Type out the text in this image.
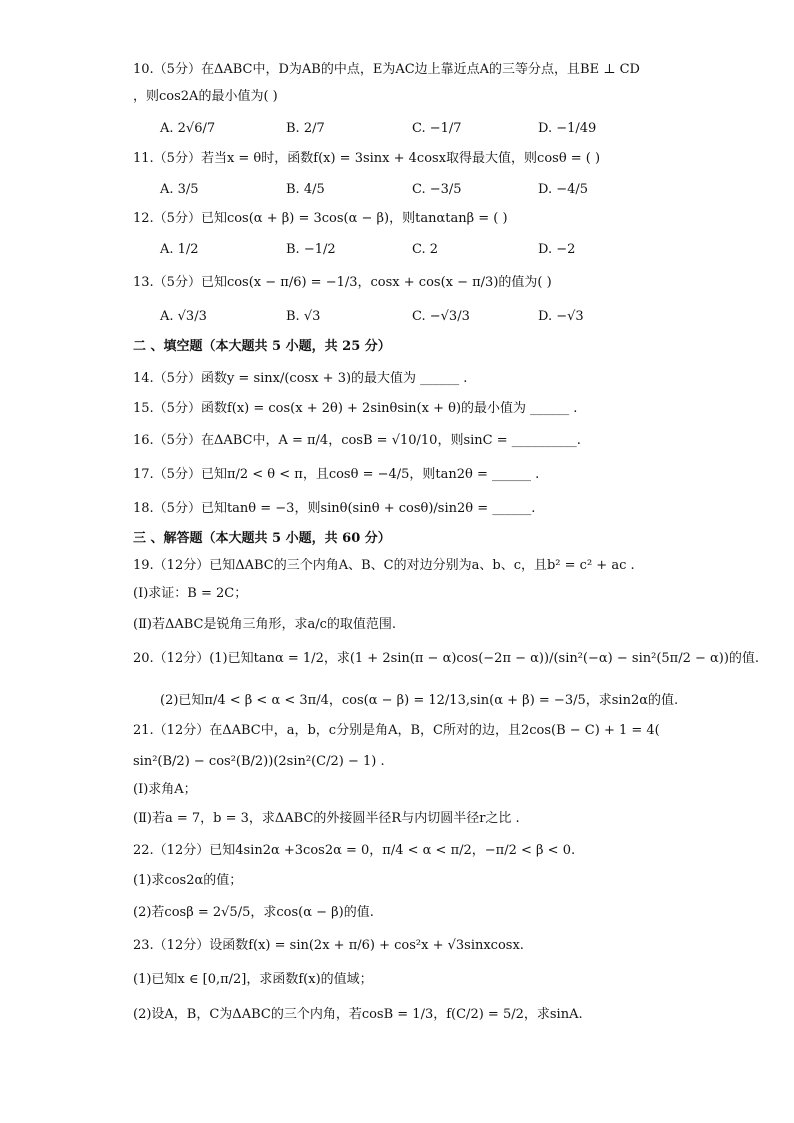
10.（5分）在ΔABC中，D为AB的中点，E为AC边上靠近点A的三等分点，且BE ⊥ CD
，则cos2A的最小值为( )
A. 2√6/7	B. 2/7	C. −1/7	D. −1/49
11.（5分）若当x = θ时，函数f(x) = 3sinx + 4cosx取得最大值，则cosθ = ( )
A. 3/5	B. 4/5	C. −3/5	D. −4/5
12.（5分）已知cos(α + β) = 3cos(α − β)，则tanαtanβ = ( )
A. 1/2	B. −1/2	C. 2	D. −2
13.（5分）已知cos(x − π/6) = −1/3，cosx + cos(x − π/3)的值为( )
A. √3/3	B. √3	C. −√3/3	D. −√3
二 、填空题（本大题共 5 小题，共 25 分）
14.（5分）函数y = sinx/(cosx + 3)的最大值为 ______ .
15.（5分）函数f(x) = cos(x + 2θ) + 2sinθsin(x + θ)的最小值为 ______ .
16.（5分）在ΔABC中，A = π/4，cosB = √10/10，则sinC = __________.
17.（5分）已知π/2 < θ < π，且cosθ = −4/5，则tan2θ = ______ .
18.（5分）已知tanθ = −3，则sinθ(sinθ + cosθ)/sin2θ = ______.
三 、解答题（本大题共 5 小题，共 60 分）
19.（12分）已知ΔABC的三个内角A、B、C的对边分别为a、b、c，且b² = c² + ac .
(Ⅰ)求证：B = 2C；
(Ⅱ)若ΔABC是锐角三角形，求a/c的取值范围.
20.（12分）(1)已知tanα = 1/2，求(1 + 2sin(π − α)cos(−2π − α))/(sin²(−α) − sin²(5π/2 − α))的值.
(2)已知π/4 < β < α < 3π/4，cos(α − β) = 12/13,sin(α + β) = −3/5，求sin2α的值.
21.（12分）在ΔABC中，a，b，c分别是角A，B，C所对的边，且2cos(B − C) + 1 = 4(
sin²(B/2) − cos²(B/2))(2sin²(C/2) − 1) .
(Ⅰ)求角A；
(Ⅱ)若a = 7，b = 3，求ΔABC的外接圆半径R与内切圆半径r之比 .
22.（12分）已知4sin2α +3cos2α = 0，π/4 < α < π/2，−π/2 < β < 0.
(1)求cos2α的值；
(2)若cosβ = 2√5/5，求cos(α − β)的值.
23.（12分）设函数f(x) = sin(2x + π/6) + cos²x + √3sinxcosx.
(1)已知x ∈ [0,π/2]，求函数f(x)的值域；
(2)设A，B，C为ΔABC的三个内角，若cosB = 1/3，f(C/2) = 5/2，求sinA.
